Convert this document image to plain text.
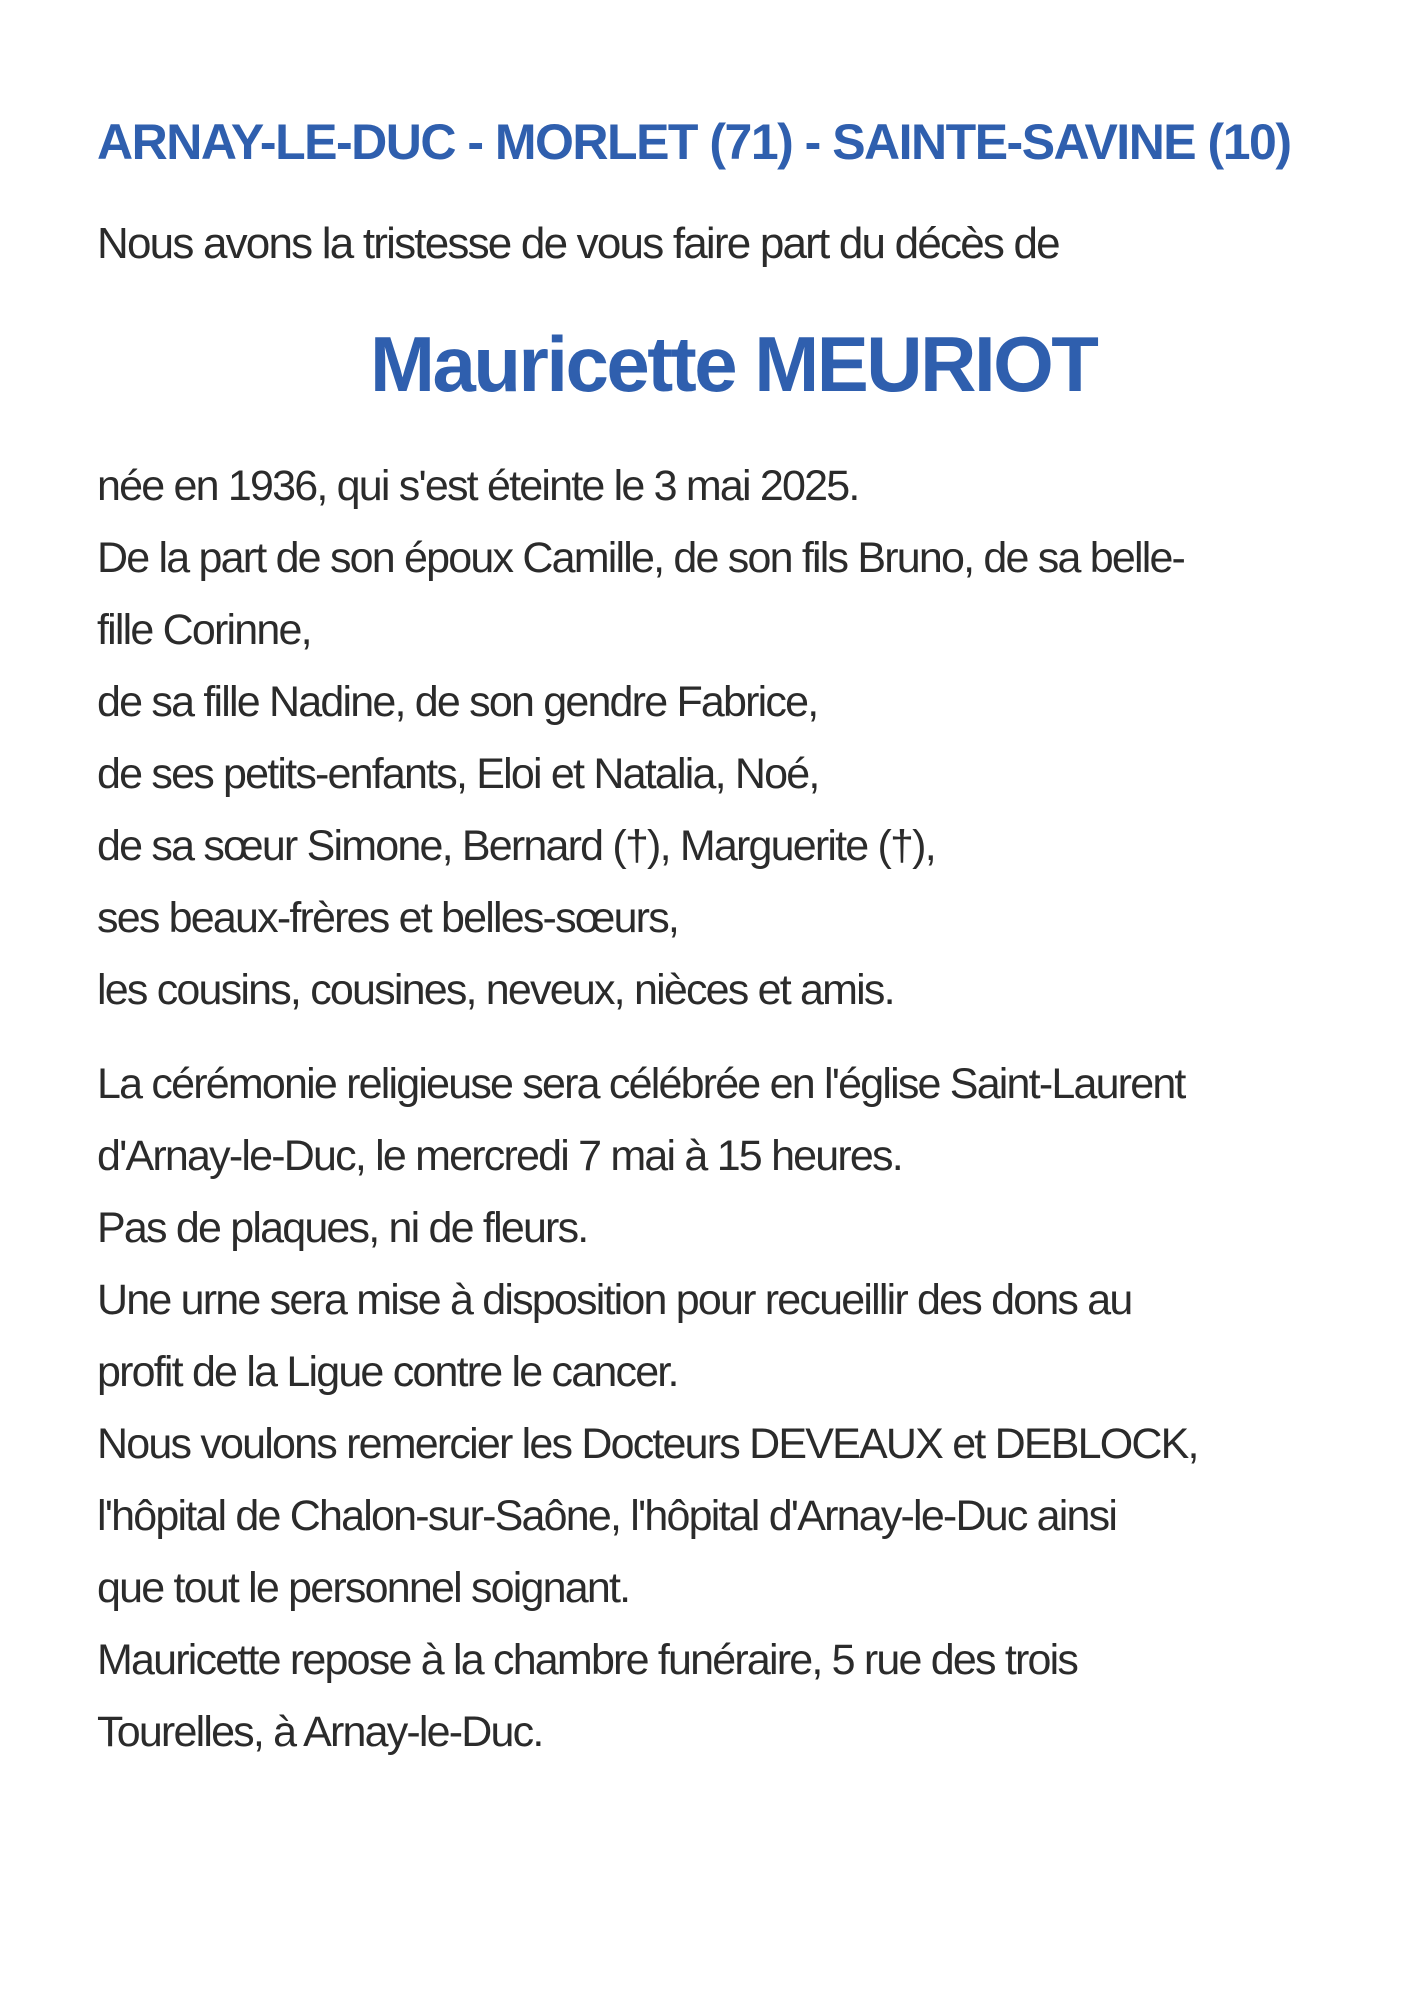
ARNAY-LE-DUC - MORLET (71) - SAINTE-SAVINE (10)

Nous avons la tristesse de vous faire part du décès de

Mauricette MEURIOT
née en 1936, qui s'est éteinte le 3 mai 2025.
De la part de son époux Camille, de son fils Bruno, de sa belle-
fille Corinne,
de sa fille Nadine, de son gendre Fabrice,
de ses petits-enfants, Eloi et Natalia, Noé,
de sa sœur Simone, Bernard (†), Marguerite (†),
ses beaux-frères et belles-sœurs,
les cousins, cousines, neveux, nièces et amis.
La cérémonie religieuse sera célébrée en l'église Saint-Laurent
d'Arnay-le-Duc, le mercredi 7 mai à 15 heures.
Pas de plaques, ni de fleurs.
Une urne sera mise à disposition pour recueillir des dons au
profit de la Ligue contre le cancer.
Nous voulons remercier les Docteurs DEVEAUX et DEBLOCK,
l'hôpital de Chalon-sur-Saône, l'hôpital d'Arnay-le-Duc ainsi
que tout le personnel soignant.
Mauricette repose à la chambre funéraire, 5 rue des trois
Tourelles, à Arnay-le-Duc.
